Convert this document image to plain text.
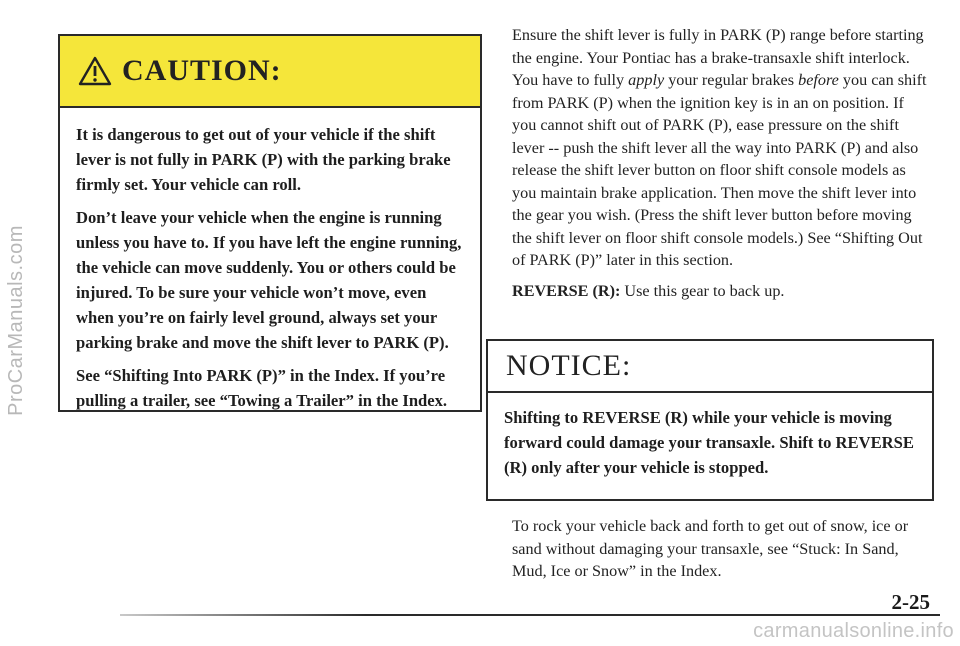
ProCarManuals.com
CAUTION:

It is dangerous to get out of your vehicle if the shift lever is not fully in PARK (P) with the parking brake firmly set. Your vehicle can roll.

Don’t leave your vehicle when the engine is running unless you have to. If you have left the engine running, the vehicle can move suddenly. You or others could be injured. To be sure your vehicle won’t move, even when you’re on fairly level ground, always set your parking brake and move the shift lever to PARK (P).

See “Shifting Into PARK (P)” in the Index. If you’re pulling a trailer, see “Towing a Trailer” in the Index.

Ensure the shift lever is fully in PARK (P) range before starting the engine. Your Pontiac has a brake-transaxle shift interlock. You have to fully apply your regular brakes before you can shift from PARK (P) when the ignition key is in an on position. If you cannot shift out of PARK (P), ease pressure on the shift lever -- push the shift lever all the way into PARK (P) and also release the shift lever button on floor shift console models as you maintain brake application. Then move the shift lever into the gear you wish. (Press the shift lever button before moving the shift lever on floor shift console models.) See “Shifting Out of PARK (P)” later in this section.

REVERSE (R): Use this gear to back up.

NOTICE:

Shifting to REVERSE (R) while your vehicle is moving forward could damage your transaxle. Shift to REVERSE (R) only after your vehicle is stopped.

To rock your vehicle back and forth to get out of snow, ice or sand without damaging your transaxle, see “Stuck: In Sand, Mud, Ice or Snow” in the Index.

2-25
carmanualsonline.info
